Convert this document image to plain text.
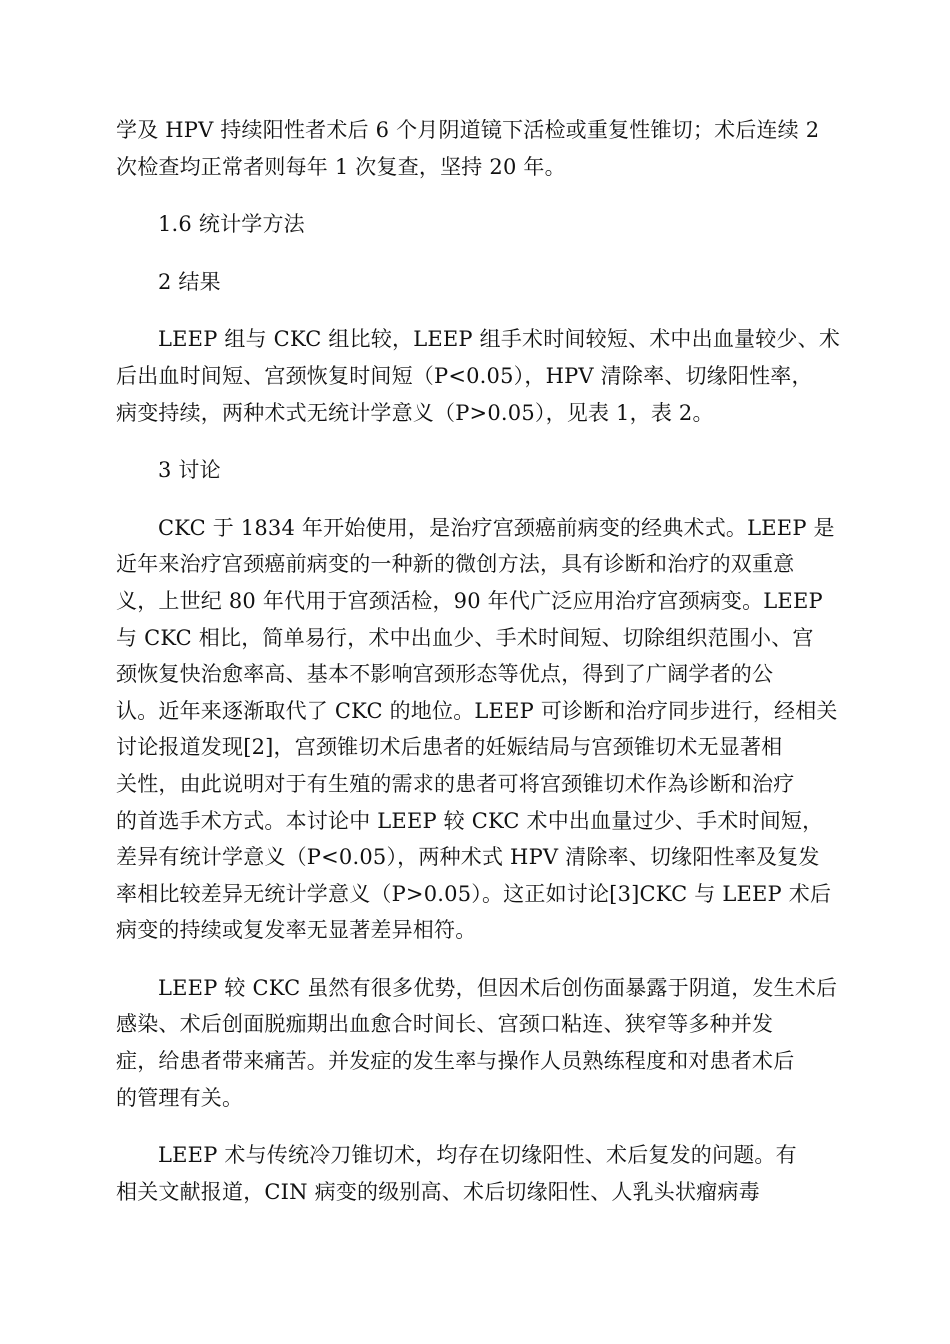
学及 HPV 持续阳性者术后 6 个月阴道镜下活检或重复性锥切；术后连续 2
次检查均正常者则每年 1 次复查，坚持 20 年。
1.6 统计学方法
2 结果
LEEP 组与 CKC 组比较，LEEP 组手术时间较短、术中出血量较少、术
后出血时间短、宫颈恢复时间短（P<0.05），HPV 清除率、切缘阳性率，
病变持续，两种术式无统计学意义（P>0.05），见表 1，表 2。
3 讨论
CKC 于 1834 年开始使用，是治疗宫颈癌前病变的经典术式。LEEP 是
近年来治疗宫颈癌前病变的一种新的微创方法，具有诊断和治疗的双重意
义，上世纪 80 年代用于宫颈活检，90 年代广泛应用治疗宫颈病变。LEEP
与 CKC 相比，简单易行，术中出血少、手术时间短、切除组织范围小、宫
颈恢复快治愈率高、基本不影响宫颈形态等优点，得到了广阔学者的公
认。近年来逐渐取代了 CKC 的地位。LEEP 可诊断和治疗同步进行，经相关
讨论报道发现[2]，宫颈锥切术后患者的妊娠结局与宫颈锥切术无显著相
关性，由此说明对于有生殖的需求的患者可将宫颈锥切术作為诊断和治疗
的首选手术方式。本讨论中 LEEP 较 CKC 术中出血量过少、手术时间短，
差异有统计学意义（P<0.05），两种术式 HPV 清除率、切缘阳性率及复发
率相比较差异无统计学意义（P>0.05）。这正如讨论[3]CKC 与 LEEP 术后
病变的持续或复发率无显著差异相符。
LEEP 较 CKC 虽然有很多优势，但因术后创伤面暴露于阴道，发生术后
感染、术后创面脱痂期出血愈合时间长、宫颈口粘连、狭窄等多种并发
症，给患者带来痛苦。并发症的发生率与操作人员熟练程度和对患者术后
的管理有关。
LEEP 术与传统冷刀锥切术，均存在切缘阳性、术后复发的问题。有
相关文献报道，CIN 病变的级别高、术后切缘阳性、人乳头状瘤病毒
